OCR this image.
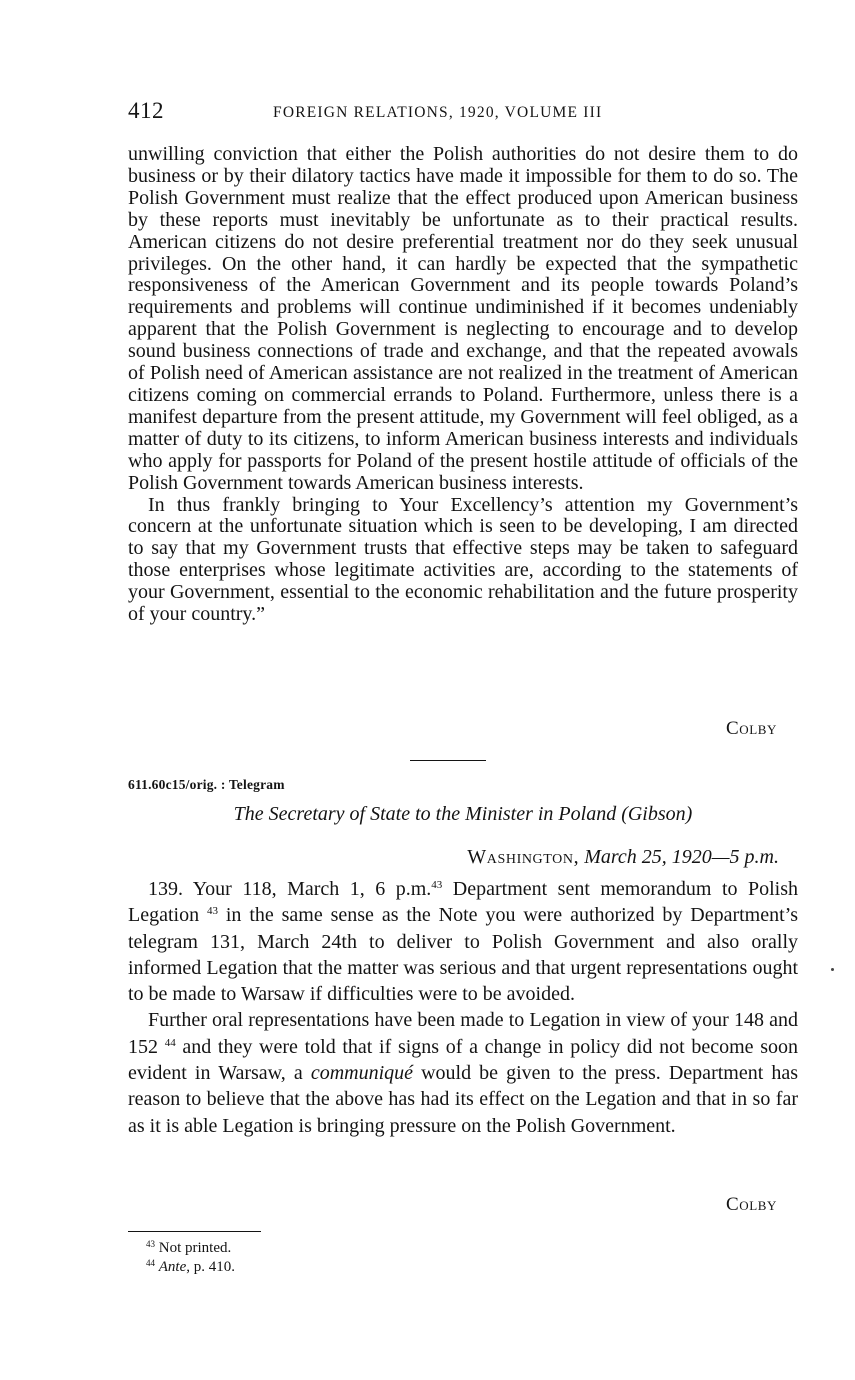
412	FOREIGN RELATIONS, 1920, VOLUME III

unwilling conviction that either the Polish authorities do not desire them to do business or by their dilatory tactics have made it impossible for them to do so. The Polish Government must realize that the effect produced upon American business by these reports must inevitably be unfortunate as to their practical results. American citizens do not desire preferential treatment nor do they seek unusual privileges. On the other hand, it can hardly be expected that the sympathetic responsiveness of the American Government and its people towards Poland’s requirements and problems will continue undiminished if it becomes undeniably apparent that the Polish Government is neglecting to encourage and to develop sound business connections of trade and exchange, and that the repeated avowals of Polish need of American assistance are not realized in the treatment of American citizens coming on commercial errands to Poland. Furthermore, unless there is a manifest departure from the present attitude, my Government will feel obliged, as a matter of duty to its citizens, to inform American business interests and individuals who apply for passports for Poland of the present hostile attitude of officials of the Polish Government towards American business interests.

In thus frankly bringing to Your Excellency’s attention my Government’s concern at the unfortunate situation which is seen to be developing, I am directed to say that my Government trusts that effective steps may be taken to safeguard those enterprises whose legitimate activities are, according to the statements of your Government, essential to the economic rehabilitation and the future prosperity of your country.”

Colby
611.60c15/orig. : Telegram
The Secretary of State to the Minister in Poland (Gibson)
Washington, March 25, 1920—5 p.m.

139. Your 118, March 1, 6 p.m.$^{43}$ Department sent memorandum to Polish Legation $^{43}$ in the same sense as the Note you were authorized by Department’s telegram 131, March 24th to deliver to Polish Government and also orally informed Legation that the matter was serious and that urgent representations ought to be made to Warsaw if difficulties were to be avoided.

Further oral representations have been made to Legation in view of your 148 and 152 $^{44}$ and they were told that if signs of a change in policy did not become soon evident in Warsaw, a communiqué would be given to the press. Department has reason to believe that the above has had its effect on the Legation and that in so far as it is able Legation is bringing pressure on the Polish Government.

Colby
$^{43}$ Not printed.
$^{44}$ Ante, p. 410.
